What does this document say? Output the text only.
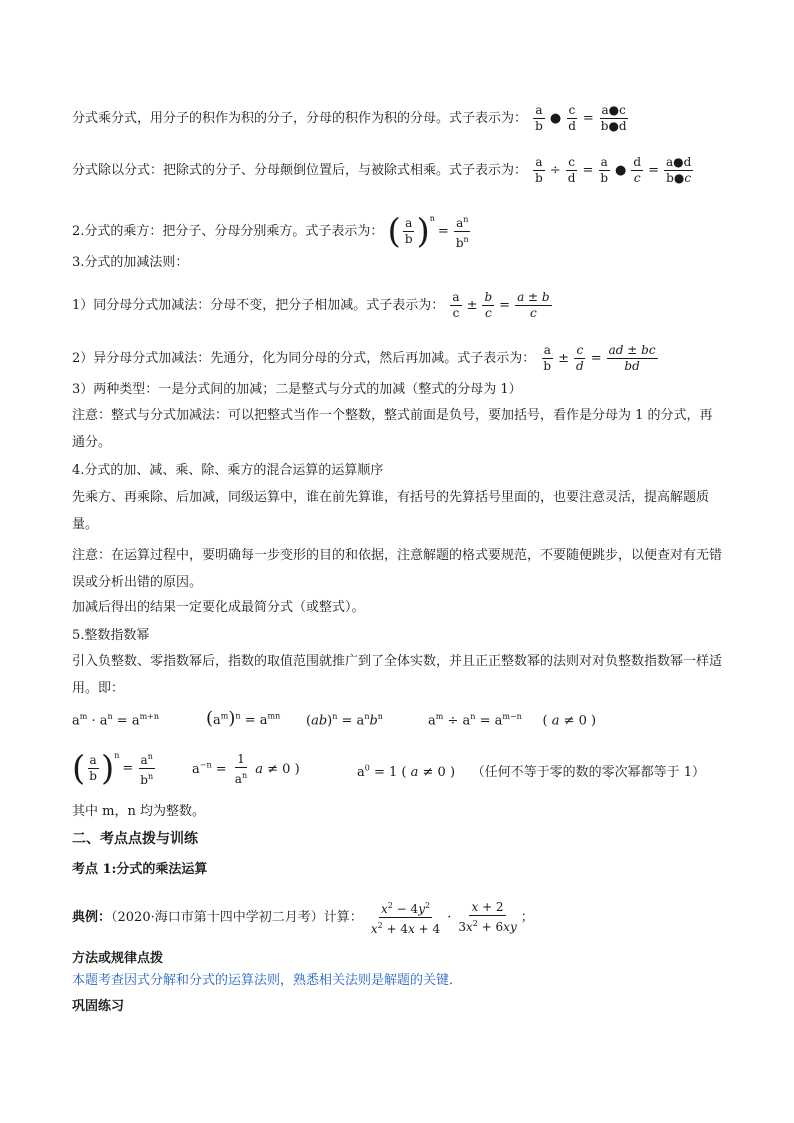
分式乘分式，用分子的积作为积的分子，分母的积作为积的分母。式子表示为： $\frac{a}{b}$ ● $\frac{c}{d} = \frac{a●c}{b●d}$
分式除以分式：把除式的分子、分母颠倒位置后，与被除式相乘。式子表示为： $\frac{a}{b} \div \frac{c}{d} = \frac{a}{b}$ ● $\frac{d}{c} = \frac{a●d}{b●c}$
2.分式的乘方：把分子、分母分别乘方。式子表示为： ( $\frac{a}{b} )^n= \frac{a^n}{b^n}$
3.分式的加减法则：
1）同分母分式加减法：分母不变，把分子相加减。式子表示为： $\frac{a}{c} \pm \frac{b}{c} = \frac{a \pm b}{c}$
2）异分母分式加减法：先通分，化为同分母的分式，然后再加减。式子表示为： $\frac{a}{b} \pm \frac{c}{d} = \frac{ad \pm bc}{bd}$
3）两种类型：一是分式间的加减；二是整式与分式的加减（整式的分母为 1）
注意：整式与分式加减法：可以把整式当作一个整数，整式前面是负号，要加括号，看作是分母为 1 的分式，再通分。
4.分式的加、减、乘、除、乘方的混合运算的运算顺序
先乘方、再乘除、后加减，同级运算中，谁在前先算谁，有括号的先算括号里面的，也要注意灵活，提高解题质量。
注意：在运算过程中，要明确每一步变形的目的和依据，注意解题的格式要规范，不要随便跳步，以便查对有无错误或分析出错的原因。
加减后得出的结果一定要化成最简分式（或整式）。
5.整数指数幂
引入负整数、零指数幂后，指数的取值范围就推广到了全体实数，并且正正整数幂的法则对对负整数指数幂一样适用。即：
$a^m \cdot a^n = a^{m+n}$	$(a^m)^n = a^{mn}$ $(ab)^n = a^nb^n$	$a^m \div a^n = a^{m-n}$     ( a ≠ 0 )
( $\frac{a}{b} )^n= \frac{a^n}{b^n}$	$a^{-n} = \frac{1}{a^n}$ a ≠ 0 )	$a^0 = 1$ ( a ≠ 0 )    （任何不等于零的数的零次幂都等于 1）
其中 m，n 均为整数。
二、考点点拨与训练
考点 1:分式的乘法运算
典例：（2020·海口市第十四中学初二月考）计算： $\frac{x^2 - 4y^2}{x^2 + 4x + 4} \cdot \frac{x + 2}{3x^2 + 6xy}$ ；
方法或规律点拨
本题考查因式分解和分式的运算法则，熟悉相关法则是解题的关键．
巩固练习
